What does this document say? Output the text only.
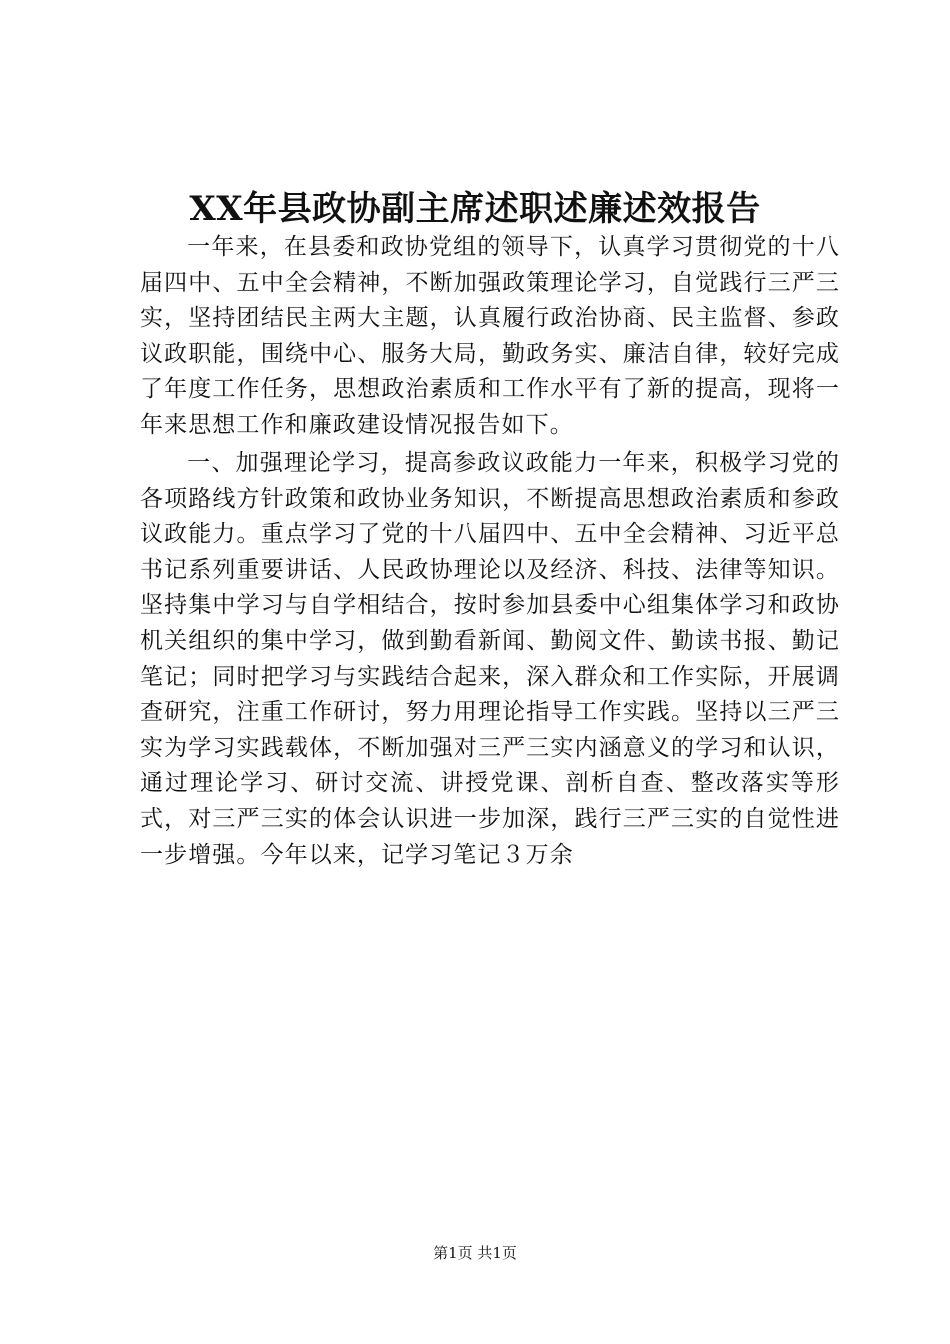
XX年县政协副主席述职述廉述效报告

一年来，在县委和政协党组的领导下，认真学习贯彻党的十八届四中、五中全会精神，不断加强政策理论学习，自觉践行三严三实，坚持团结民主两大主题，认真履行政治协商、民主监督、参政议政职能，围绕中心、服务大局，勤政务实、廉洁自律，较好完成了年度工作任务，思想政治素质和工作水平有了新的提高，现将一年来思想工作和廉政建设情况报告如下。

一、加强理论学习，提高参政议政能力一年来，积极学习党的各项路线方针政策和政协业务知识，不断提高思想政治素质和参政议政能力。重点学习了党的十八届四中、五中全会精神、习近平总书记系列重要讲话、人民政协理论以及经济、科技、法律等知识。坚持集中学习与自学相结合，按时参加县委中心组集体学习和政协机关组织的集中学习，做到勤看新闻、勤阅文件、勤读书报、勤记笔记；同时把学习与实践结合起来，深入群众和工作实际，开展调查研究，注重工作研讨，努力用理论指导工作实践。坚持以三严三实为学习实践载体，不断加强对三严三实内涵意义的学习和认识，通过理论学习、研讨交流、讲授党课、剖析自查、整改落实等形式，对三严三实的体会认识进一步加深，践行三严三实的自觉性进一步增强。今年以来，记学习笔记３万余

第1页 共1页
